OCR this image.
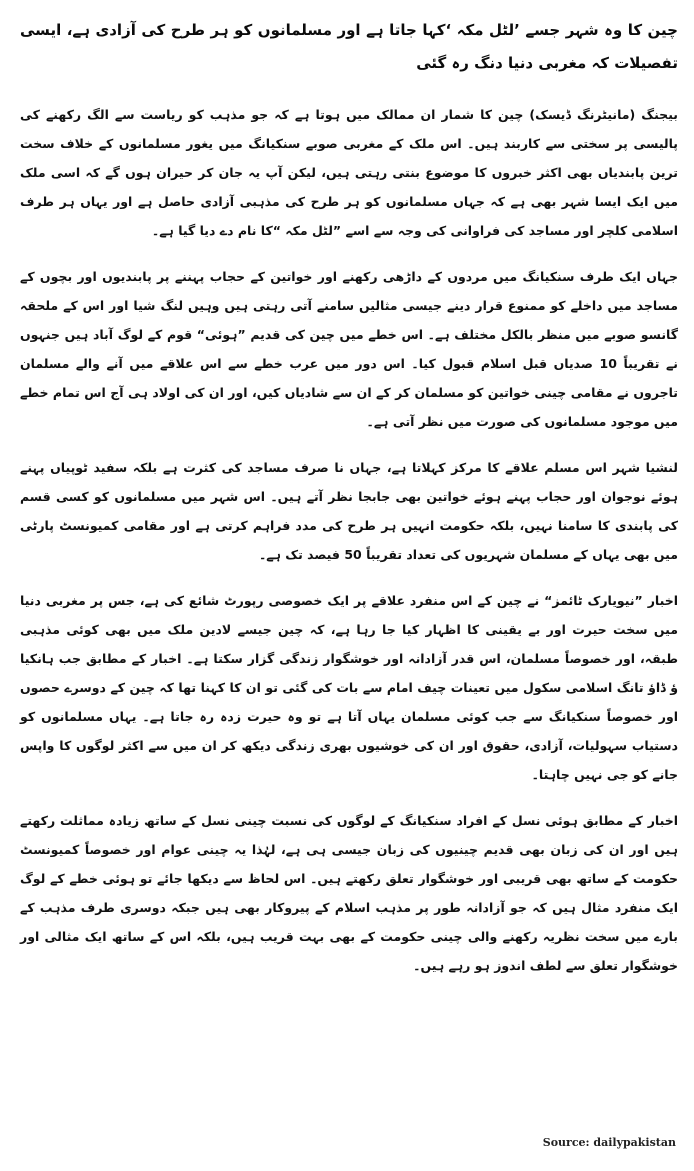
چین کا وہ شہر جسے ’لٹل مکہ ‘کہا جاتا ہے اور مسلمانوں کو ہر طرح کی آزادی ہے، ایسی تفصیلات کہ مغربی دنیا دنگ رہ گئی

بیجنگ (مانیٹرنگ ڈیسک) چین کا شمار ان ممالک میں ہوتا ہے کہ جو مذہب کو ریاست سے الگ رکھنے کی پالیسی پر سختی سے کاربند ہیں۔ اس ملک کے مغربی صوبے سنکیانگ میں یغور مسلمانوں کے خلاف سخت ترین پابندیاں بھی اکثر خبروں کا موضوع بنتی رہتی ہیں، لیکن آپ یہ جان کر حیران ہوں گے کہ اسی ملک میں ایک ایسا شہر بھی ہے کہ جہاں مسلمانوں کو ہر طرح کی مذہبی آزادی حاصل ہے اور یہاں ہر طرف اسلامی کلچر اور مساجد کی فراوانی کی وجہ سے اسے ”لٹل مکہ “کا نام دے دیا گیا ہے۔

جہاں ایک طرف سنکیانگ میں مردوں کے داڑھی رکھنے اور خواتین کے حجاب پہننے پر پابندیوں اور بچوں کے مساجد میں داخلے کو ممنوع قرار دینے جیسی مثالیں سامنے آتی رہتی ہیں وہیں لنگ شیا اور اس کے ملحقہ گانسو صوبے میں منظر بالکل مختلف ہے۔ اس خطے میں چین کی قدیم ”ہوئی“ قوم کے لوگ آباد ہیں جنہوں نے تقریباً 10 صدیاں قبل اسلام قبول کیا۔ اس دور میں عرب خطے سے اس علاقے میں آنے والے مسلمان تاجروں نے مقامی چینی خواتین کو مسلمان کر کے ان سے شادیاں کیں، اور ان کی اولاد ہی آج اس تمام خطے میں موجود مسلمانوں کی صورت میں نظر آتی ہے۔

لنشیا شہر اس مسلم علاقے کا مرکز کہلاتا ہے، جہاں نا صرف مساجد کی کثرت ہے بلکہ سفید ٹوپیاں پہنے ہوئے نوجوان اور حجاب پہنے ہوئے خواتین بھی جابجا نظر آتے ہیں۔ اس شہر میں مسلمانوں کو کسی قسم کی پابندی کا سامنا نہیں، بلکہ حکومت انہیں ہر طرح کی مدد فراہم کرتی ہے اور مقامی کمیونسٹ پارٹی میں بھی یہاں کے مسلمان شہریوں کی تعداد تقریباً 50 فیصد تک ہے۔

اخبار ”نیویارک ٹائمز“ نے چین کے اس منفرد علاقے پر ایک خصوصی رپورٹ شائع کی ہے، جس پر مغربی دنیا میں سخت حیرت اور بے یقینی کا اظہار کیا جا رہا ہے، کہ چین جیسے لادین ملک میں بھی کوئی مذہبی طبقہ، اور خصوصاً مسلمان، اس قدر آزادانہ اور خوشگوار زندگی گزار سکتا ہے۔ اخبار کے مطابق جب ہانکیا ؤ ڈاؤ تانگ اسلامی سکول میں تعینات چیف امام سے بات کی گئی تو ان کا کہنا تھا کہ چین کے دوسرے حصوں اور خصوصاً سنکیانگ سے جب کوئی مسلمان یہاں آتا ہے تو وہ حیرت زدہ رہ جاتا ہے۔ یہاں مسلمانوں کو دستیاب سہولیات، آزادی، حقوق اور ان کی خوشیوں بھری زندگی دیکھ کر ان میں سے اکثر لوگوں کا واپس جانے کو جی نہیں چاہتا۔

اخبار کے مطابق ہوئی نسل کے افراد سنکیانگ کے لوگوں کی نسبت چینی نسل کے ساتھ زیادہ مماثلت رکھتے ہیں اور ان کی زبان بھی قدیم چینیوں کی زبان جیسی ہی ہے، لہٰذا یہ چینی عوام اور خصوصاً کمیونسٹ حکومت کے ساتھ بھی قریبی اور خوشگوار تعلق رکھتے ہیں۔ اس لحاظ سے دیکھا جائے تو ہوئی خطے کے لوگ ایک منفرد مثال ہیں کہ جو آزادانہ طور پر مذہب اسلام کے پیروکار بھی ہیں جبکہ دوسری طرف مذہب کے بارے میں سخت نظریہ رکھنے والی چینی حکومت کے بھی بہت قریب ہیں، بلکہ اس کے ساتھ ایک مثالی اور خوشگوار تعلق سے لطف اندوز ہو رہے ہیں۔

Source: dailypakistan
